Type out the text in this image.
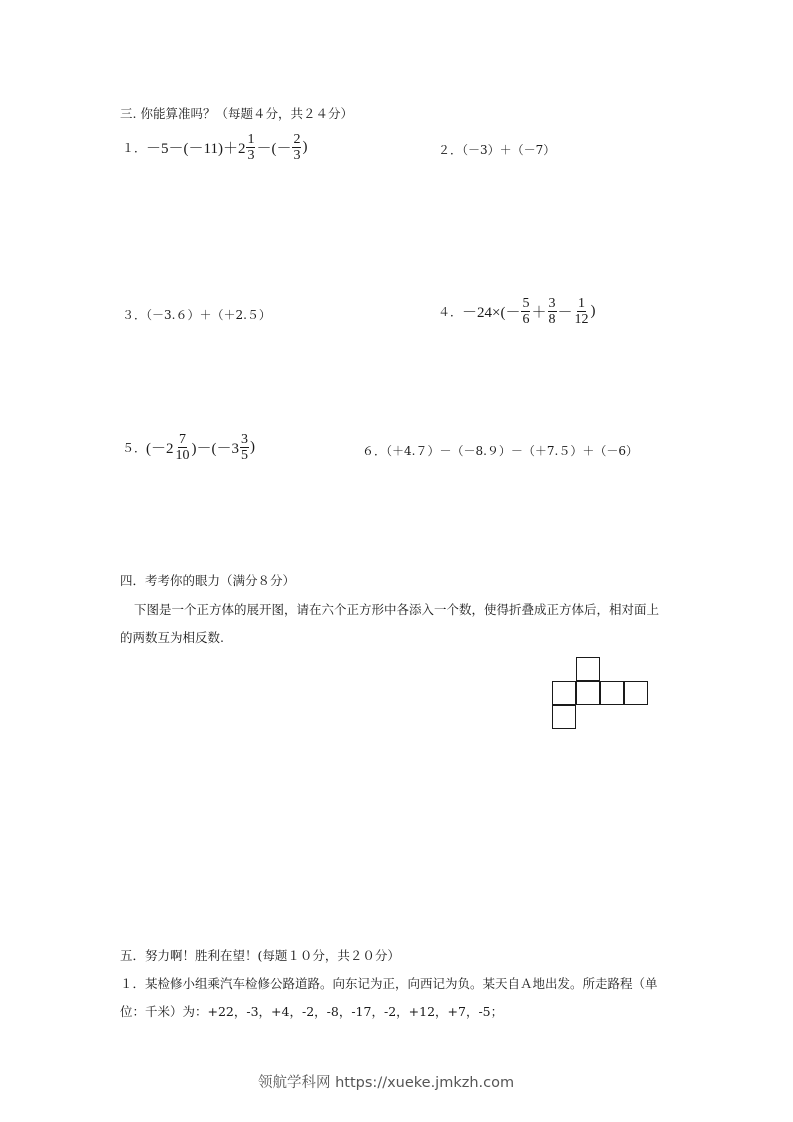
三. 你能算准吗？（每题４分，共２４分）
１． $-5-(-11)+2 \frac{1}{3}$ －(－ $\frac{2}{3}$ )	２．（－3）＋（－7）
３．（－3.６）＋（＋2.５）	４． $-24\times(- \frac{5}{6} + \frac{3}{8} - \frac{1}{12}$ )
５． $(-2 \frac{7}{10} )-(-3 \frac{3}{5}$ )	６．（＋4.７）－（－8.９）－（＋7.５）＋（－6）
四．考考你的眼力（满分８分）
下图是一个正方体的展开图，请在六个正方形中各添入一个数，使得折叠成正方体后，相对面上的两数互为相反数.
五．努力啊！胜利在望！(每题１０分，共２０分）
１．某检修小组乘汽车检修公路道路。向东记为正，向西记为负。某天自Ａ地出发。所走路程（单位：千米）为：+22，-3，+4，-2，-8，-17，-2，+12，+7，-5；
领航学科网 https://xueke.jmkzh.com
